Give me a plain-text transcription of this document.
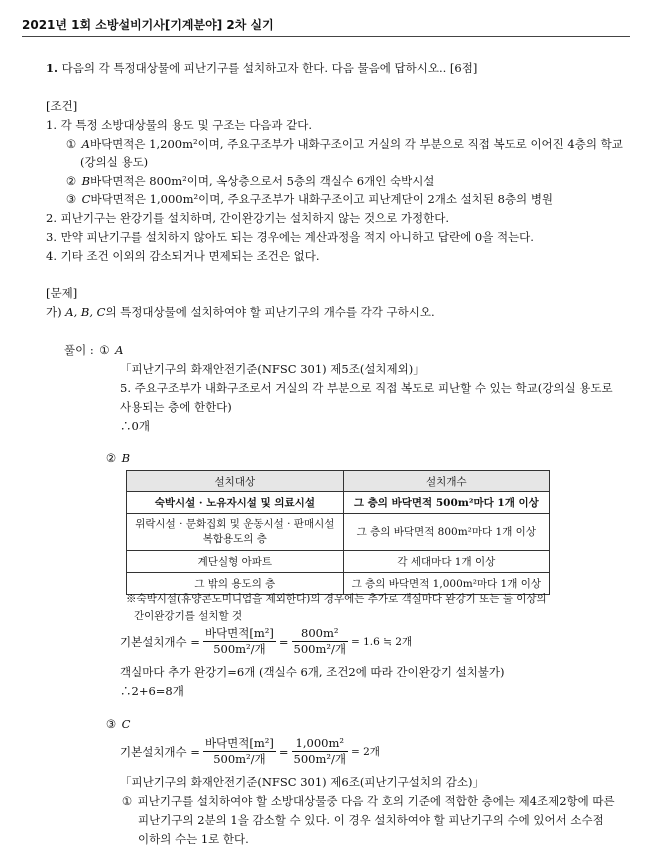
2021년 1회 소방설비기사[기계분야] 2차 실기
1. 다음의 각 특정대상물에 피난기구를 설치하고자 한다. 다음 물음에 답하시오.. [6점]
[조건]
1. 각 특정 소방대상물의 용도 및 구조는 다음과 같다.
① A바닥면적은 1,200m²이며, 주요구조부가 내화구조이고 거실의 각 부분으로 직접 복도로 이어진 4층의 학교
(강의실 용도)
② B바닥면적은 800m²이며, 옥상층으로서 5층의 객실수 6개인 숙박시설
③ C바닥면적은 1,000m²이며, 주요구조부가 내화구조이고 피난계단이 2개소 설치된 8층의 병원
2. 피난기구는 완강기를 설치하며, 간이완강기는 설치하지 않는 것으로 가정한다.
3. 만약 피난기구를 설치하지 않아도 되는 경우에는 계산과정을 적지 아니하고 답란에 0을 적는다.
4. 기타 조건 이외의 감소되거나 면제되는 조건은 없다.
[문제]
가) A, B, C의 특정대상물에 설치하여야 할 피난기구의 개수를 각각 구하시오.
풀이 : ① A
「피난기구의 화재안전기준(NFSC 301) 제5조(설치제외)」
5. 주요구조부가 내화구조로서 거실의 각 부분으로 직접 복도로 피난할 수 있는 학교(강의실 용도로
사용되는 층에 한한다)
∴0개
② B
설치대상	설치개수
숙박시설 · 노유자시설 및 의료시설	그 층의 바닥면적 500m²마다 1개 이상

위락시설 · 문화집회 및 운동시설 · 판매시설
복합용도의 층	그 층의 바닥면적 800m²마다 1개 이상
계단실형 아파트	각 세대마다 1개 이상
그 밖의 용도의 층	그 층의 바닥면적 1,000m²마다 1개 이상
※숙박시설(휴양콘도미니엄을 제외한다)의 경우에는 추가로 객실마다 완강기 또는 둘 이상의
간이완강기를 설치할 것
기본설치개수 = $\frac{\text{바닥면적[m²]}}{\text{500m²/개}} = \frac{\text{800m²}}{\text{500m²/개}} = 1.6$ ≒ 2개
객실마다 추가 완강기=6개 (객실수 6개, 조건2에 따라 간이완강기 설치불가)
∴2+6=8개
③ C
기본설치개수 = $\frac{\text{바닥면적[m²]}}{\text{500m²/개}} = \frac{\text{1,000m²}}{\text{500m²/개}} = 2$개
「피난기구의 화재안전기준(NFSC 301) 제6조(피난기구설치의 감소)」
① 피난기구를 설치하여야 할 소방대상물중 다음 각 호의 기준에 적합한 층에는 제4조제2항에 따른
피난기구의 2분의 1을 감소할 수 있다. 이 경우 설치하여야 할 피난기구의 수에 있어서 소수점
이하의 수는 1로 한다.
